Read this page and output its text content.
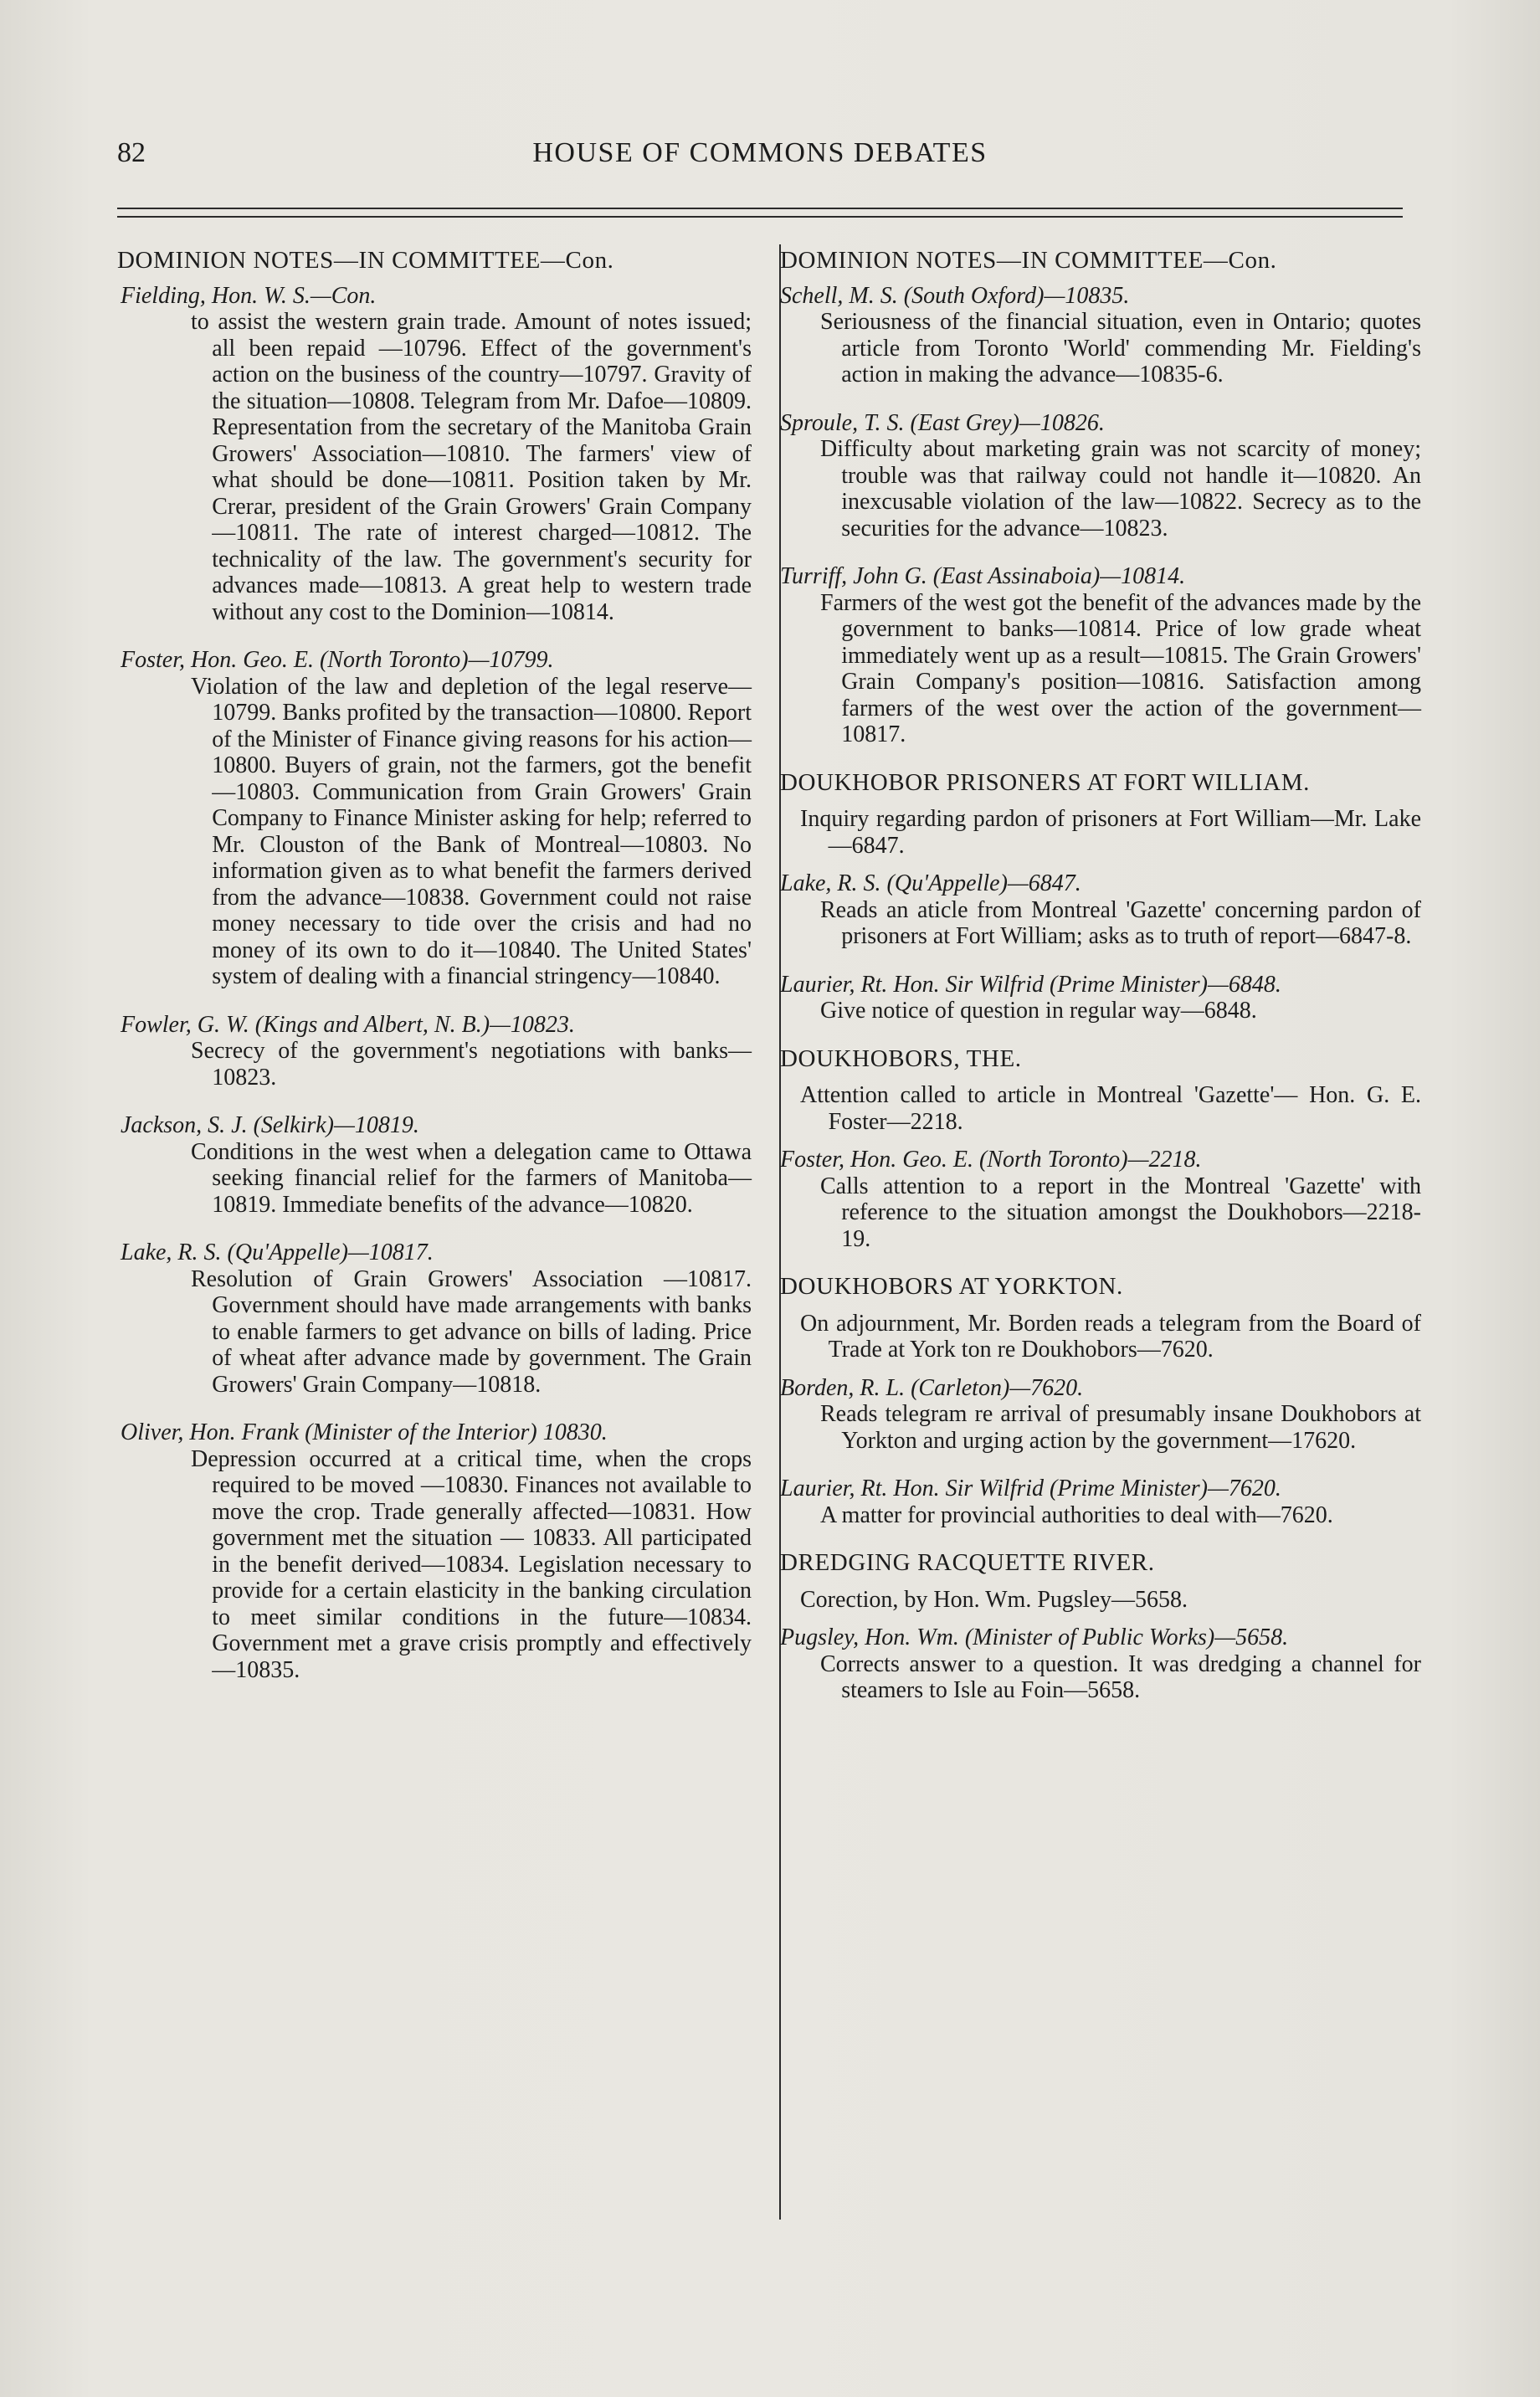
82	HOUSE OF COMMONS DEBATES
DOMINION NOTES—IN COMMITTEE—Con.
Fielding, Hon. W. S.—Con.
to assist the western grain trade. Amount of notes issued; all been repaid —10796. Effect of the government's action on the business of the country—10797. Gravity of the situation—10808. Telegram from Mr. Dafoe—10809. Representation from the secretary of the Manitoba Grain Growers' Association—10810. The farmers' view of what should be done—10811. Position taken by Mr. Crerar, president of the Grain Growers' Grain Company—10811. The rate of interest charged—10812. The technicality of the law. The government's security for advances made—10813. A great help to western trade without any cost to the Dominion—10814.
Foster, Hon. Geo. E. (North Toronto)—10799.
Violation of the law and depletion of the legal reserve—10799. Banks profited by the transaction—10800. Report of the Minister of Finance giving reasons for his action—10800. Buyers of grain, not the farmers, got the benefit—10803. Communication from Grain Growers' Grain Company to Finance Minister asking for help; referred to Mr. Clouston of the Bank of Montreal—10803. No information given as to what benefit the farmers derived from the advance—10838. Government could not raise money necessary to tide over the crisis and had no money of its own to do it—10840. The United States' system of dealing with a financial stringency—10840.
Fowler, G. W. (Kings and Albert, N. B.)—10823.
Secrecy of the government's negotiations with banks—10823.
Jackson, S. J. (Selkirk)—10819.
Conditions in the west when a delegation came to Ottawa seeking financial relief for the farmers of Manitoba—10819. Immediate benefits of the advance—10820.
Lake, R. S. (Qu'Appelle)—10817.
Resolution of Grain Growers' Association —10817. Government should have made arrangements with banks to enable farmers to get advance on bills of lading. Price of wheat after advance made by government. The Grain Growers' Grain Company—10818.
Oliver, Hon. Frank (Minister of the Interior) 10830.
Depression occurred at a critical time, when the crops required to be moved —10830. Finances not available to move the crop. Trade generally affected—10831. How government met the situation — 10833. All participated in the benefit derived—10834. Legislation necessary to provide for a certain elasticity in the banking circulation to meet similar conditions in the future—10834. Government met a grave crisis promptly and effectively—10835.
DOMINION NOTES—IN COMMITTEE—Con.
Schell, M. S. (South Oxford)—10835.
Seriousness of the financial situation, even in Ontario; quotes article from Toronto 'World' commending Mr. Fielding's action in making the advance—10835-6.
Sproule, T. S. (East Grey)—10826.
Difficulty about marketing grain was not scarcity of money; trouble was that railway could not handle it—10820. An inexcusable violation of the law—10822. Secrecy as to the securities for the advance—10823.
Turriff, John G. (East Assinaboia)—10814.
Farmers of the west got the benefit of the advances made by the government to banks—10814. Price of low grade wheat immediately went up as a result—10815. The Grain Growers' Grain Company's position—10816. Satisfaction among farmers of the west over the action of the government—10817.
DOUKHOBOR PRISONERS AT FORT WILLIAM.
Inquiry regarding pardon of prisoners at Fort William—Mr. Lake—6847.
Lake, R. S. (Qu'Appelle)—6847.
Reads an aticle from Montreal 'Gazette' concerning pardon of prisoners at Fort William; asks as to truth of report—6847-8.
Laurier, Rt. Hon. Sir Wilfrid (Prime Minister)—6848.
Give notice of question in regular way—6848.
DOUKHOBORS, THE.
Attention called to article in Montreal 'Gazette'— Hon. G. E. Foster—2218.
Foster, Hon. Geo. E. (North Toronto)—2218.
Calls attention to a report in the Montreal 'Gazette' with reference to the situation amongst the Doukhobors—2218-19.
DOUKHOBORS AT YORKTON.
On adjournment, Mr. Borden reads a telegram from the Board of Trade at York ton re Doukhobors—7620.
Borden, R. L. (Carleton)—7620.
Reads telegram re arrival of presumably insane Doukhobors at Yorkton and urging action by the government—17620.
Laurier, Rt. Hon. Sir Wilfrid (Prime Minister)—7620.
A matter for provincial authorities to deal with—7620.
DREDGING RACQUETTE RIVER.
Corection, by Hon. Wm. Pugsley—5658.
Pugsley, Hon. Wm. (Minister of Public Works)—5658.
Corrects answer to a question. It was dredging a channel for steamers to Isle au Foin—5658.
